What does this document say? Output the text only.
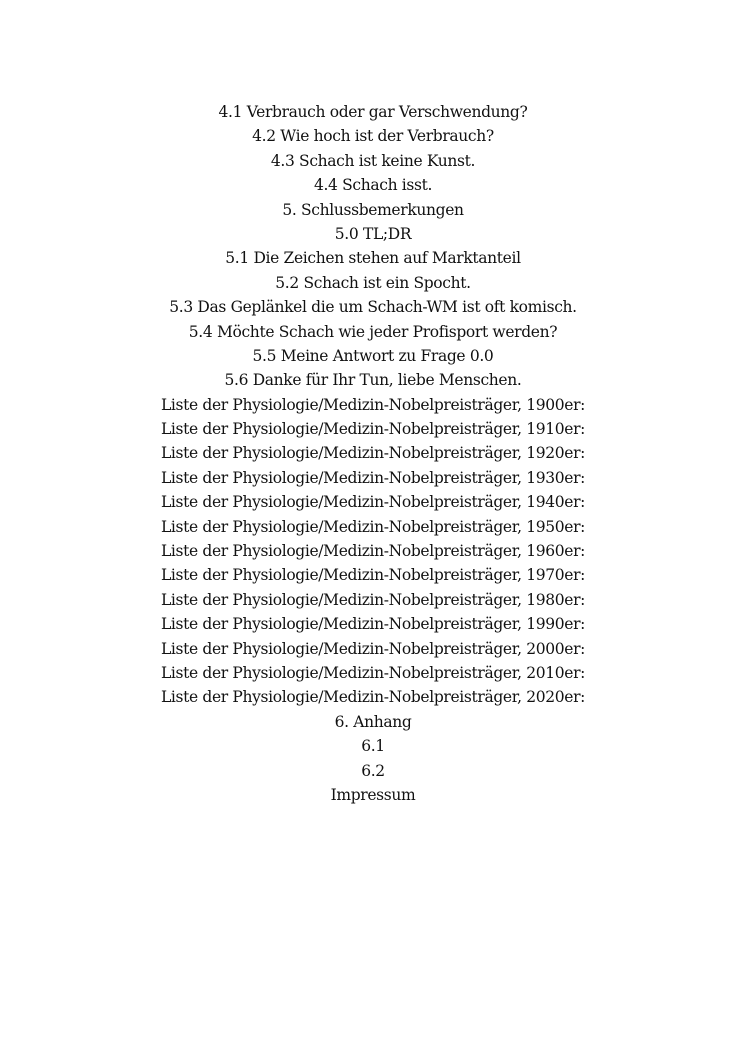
4.1 Verbrauch oder gar Verschwendung?
4.2 Wie hoch ist der Verbrauch?
4.3 Schach ist keine Kunst.
4.4 Schach isst.
5. Schlussbemerkungen
5.0 TL;DR
5.1 Die Zeichen stehen auf Marktanteil
5.2 Schach ist ein Spocht.
5.3 Das Geplänkel die um Schach-WM ist oft komisch.
5.4 Möchte Schach wie jeder Profisport werden?
5.5 Meine Antwort zu Frage 0.0
5.6 Danke für Ihr Tun, liebe Menschen.
Liste der Physiologie/Medizin-Nobelpreisträger, 1900er:
Liste der Physiologie/Medizin-Nobelpreisträger, 1910er:
Liste der Physiologie/Medizin-Nobelpreisträger, 1920er:
Liste der Physiologie/Medizin-Nobelpreisträger, 1930er:
Liste der Physiologie/Medizin-Nobelpreisträger, 1940er:
Liste der Physiologie/Medizin-Nobelpreisträger, 1950er:
Liste der Physiologie/Medizin-Nobelpreisträger, 1960er:
Liste der Physiologie/Medizin-Nobelpreisträger, 1970er:
Liste der Physiologie/Medizin-Nobelpreisträger, 1980er:
Liste der Physiologie/Medizin-Nobelpreisträger, 1990er:
Liste der Physiologie/Medizin-Nobelpreisträger, 2000er:
Liste der Physiologie/Medizin-Nobelpreisträger, 2010er:
Liste der Physiologie/Medizin-Nobelpreisträger, 2020er:
6. Anhang
6.1
6.2
Impressum
